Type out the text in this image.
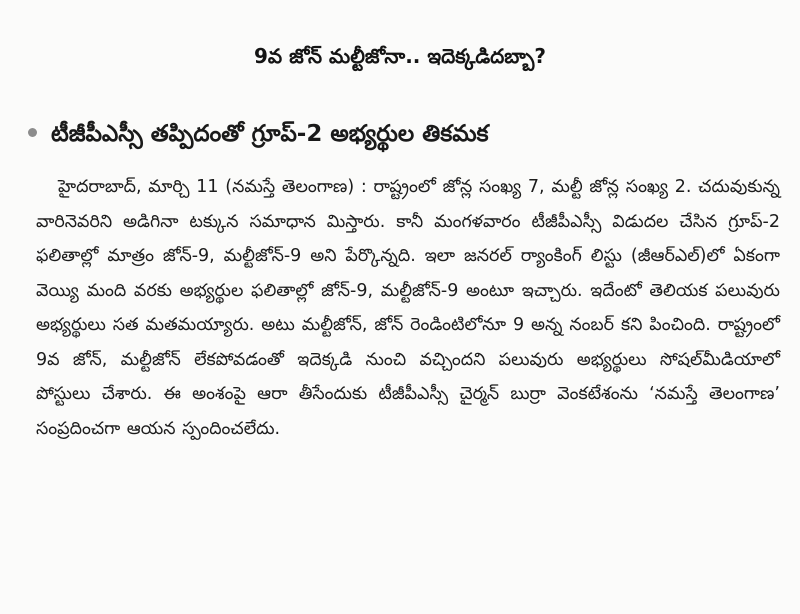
9వ జోన్‌ మల్టీజోనా.. ఇదెక్కడిదబ్బా?
టీజీపీఎస్సీ తప్పిదంతో గ్రూప్‌-2 అభ్యర్థుల తికమక

హైదరాబాద్‌, మార్చి 11 (నమస్తే తెలంగాణ) : రాష్ట్రంలో జోన్ల సంఖ్య 7, మల్టీ జోన్ల సంఖ్య 2. చదువుకున్న వారినెవరిని అడిగినా టక్కున సమాధాన మిస్తారు. కానీ మంగళవారం టీజీపీఎస్సీ విడుదల చేసిన గ్రూప్‌-2 ఫలితాల్లో మాత్రం జోన్‌-9, మల్టీజోన్‌-9 అని పేర్కొన్నది. ఇలా జనరల్‌ ర్యాంకింగ్‌ లిస్టు (జీఆర్‌ఎల్‌)లో ఏకంగా వెయ్యి మంది వరకు అభ్యర్థుల ఫలితాల్లో జోన్‌-9, మల్టీజోన్‌-9 అంటూ ఇచ్చారు. ఇదేంటో తెలియక పలువురు అభ్యర్థులు సత మతమయ్యారు. అటు మల్టీజోన్‌, జోన్‌ రెండింటిలోనూ 9 అన్న నంబర్‌ కని పించింది. రాష్ట్రంలో 9వ జోన్‌, మల్టీజోన్‌ లేకపోవడంతో ఇదెక్కడి నుంచి వచ్చిందని పలువురు అభ్యర్థులు సోషల్‌మీడియాలో పోస్టులు చేశారు. ఈ అంశంపై ఆరా తీసేందుకు టీజీపీఎస్సీ చైర్మన్‌ బుర్రా వెంకటేశంను ‘నమస్తే తెలంగాణ’ సంప్రదించగా ఆయన స్పందించలేదు.
